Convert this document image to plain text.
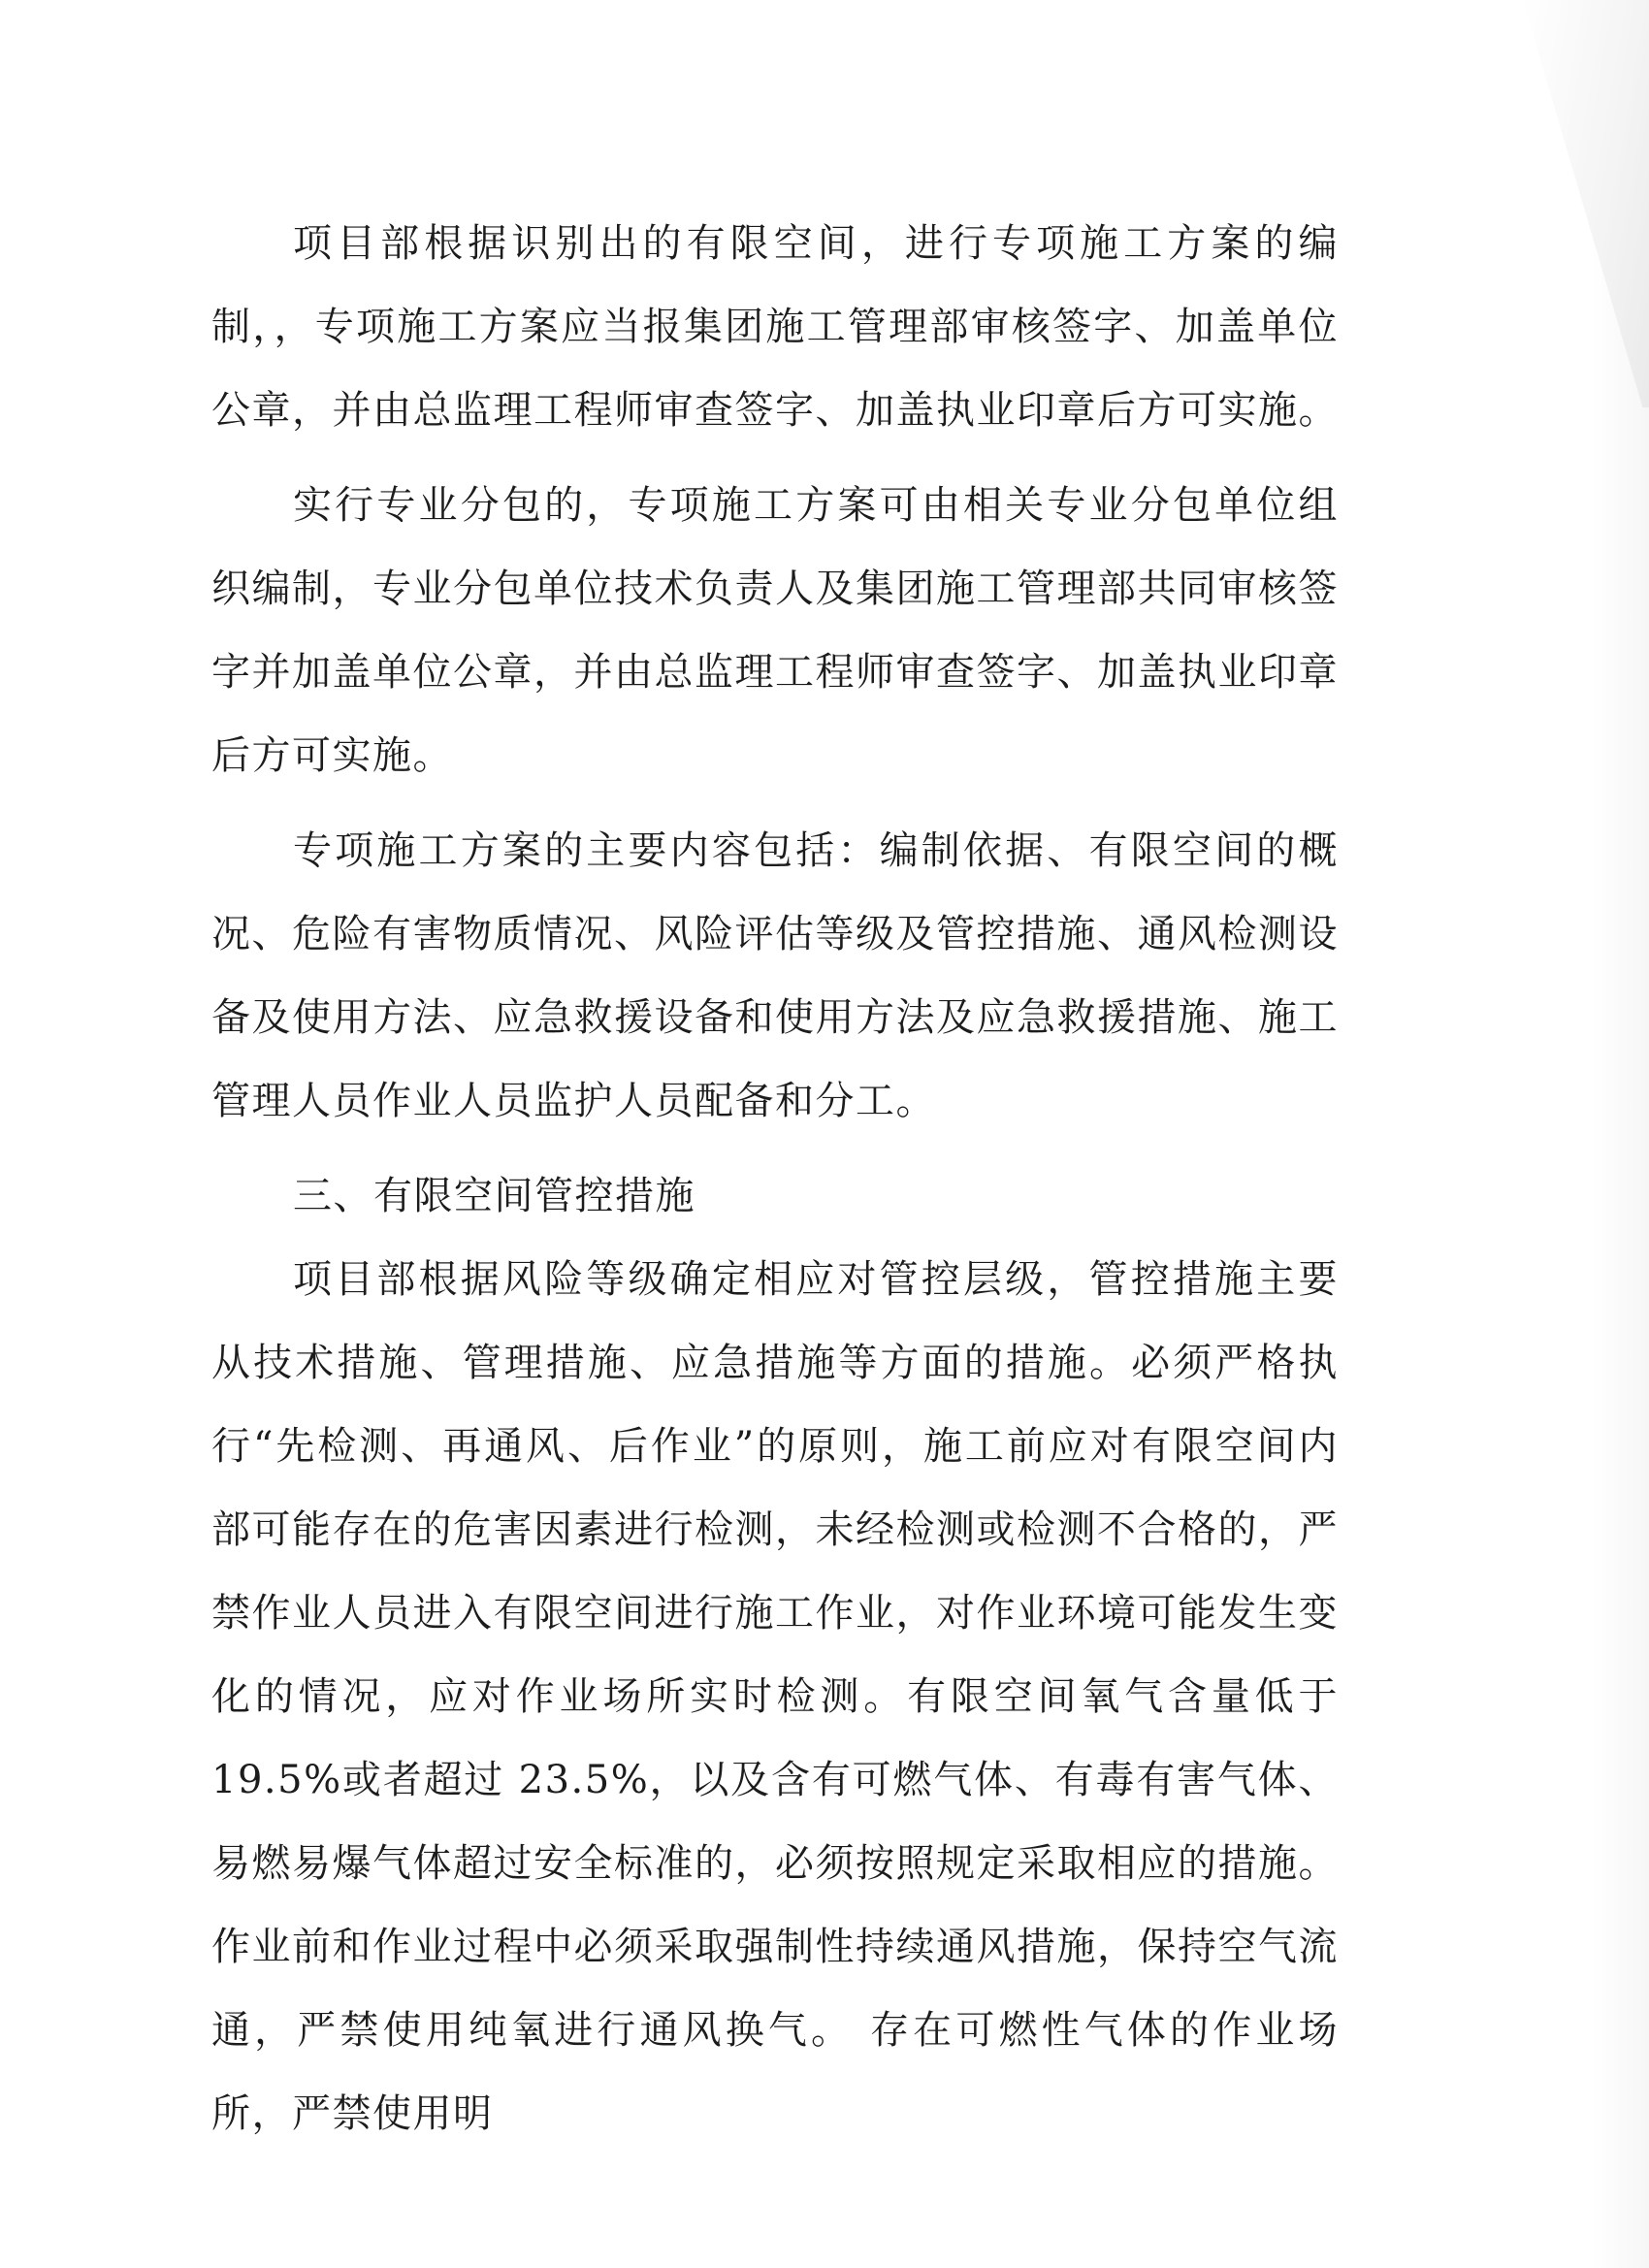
项目部根据识别出的有限空间，进行专项施工方案的编制，，专项施工方案应当报集团施工管理部审核签字、加盖单位公章，并由总监理工程师审查签字、加盖执业印章后方可实施。

实行专业分包的，专项施工方案可由相关专业分包单位组织编制，专业分包单位技术负责人及集团施工管理部共同审核签字并加盖单位公章，并由总监理工程师审查签字、加盖执业印章后方可实施。

专项施工方案的主要内容包括：编制依据、有限空间的概况、危险有害物质情况、风险评估等级及管控措施、通风检测设备及使用方法、应急救援设备和使用方法及应急救援措施、施工管理人员作业人员监护人员配备和分工。

三、有限空间管控措施

项目部根据风险等级确定相应对管控层级，管控措施主要从技术措施、管理措施、应急措施等方面的措施。必须严格执行“先检测、再通风、后作业”的原则，施工前应对有限空间内部可能存在的危害因素进行检测，未经检测或检测不合格的，严禁作业人员进入有限空间进行施工作业，对作业环境可能发生变化的情况，应对作业场所实时检测。有限空间氧气含量低于 19.5%或者超过 23.5%，以及含有可燃气体、有毒有害气体、易燃易爆气体超过安全标准的，必须按照规定采取相应的措施。作业前和作业过程中必须采取强制性持续通风措施，保持空气流通，严禁使用纯氧进行通风换气。 存在可燃性气体的作业场所，严禁使用明
